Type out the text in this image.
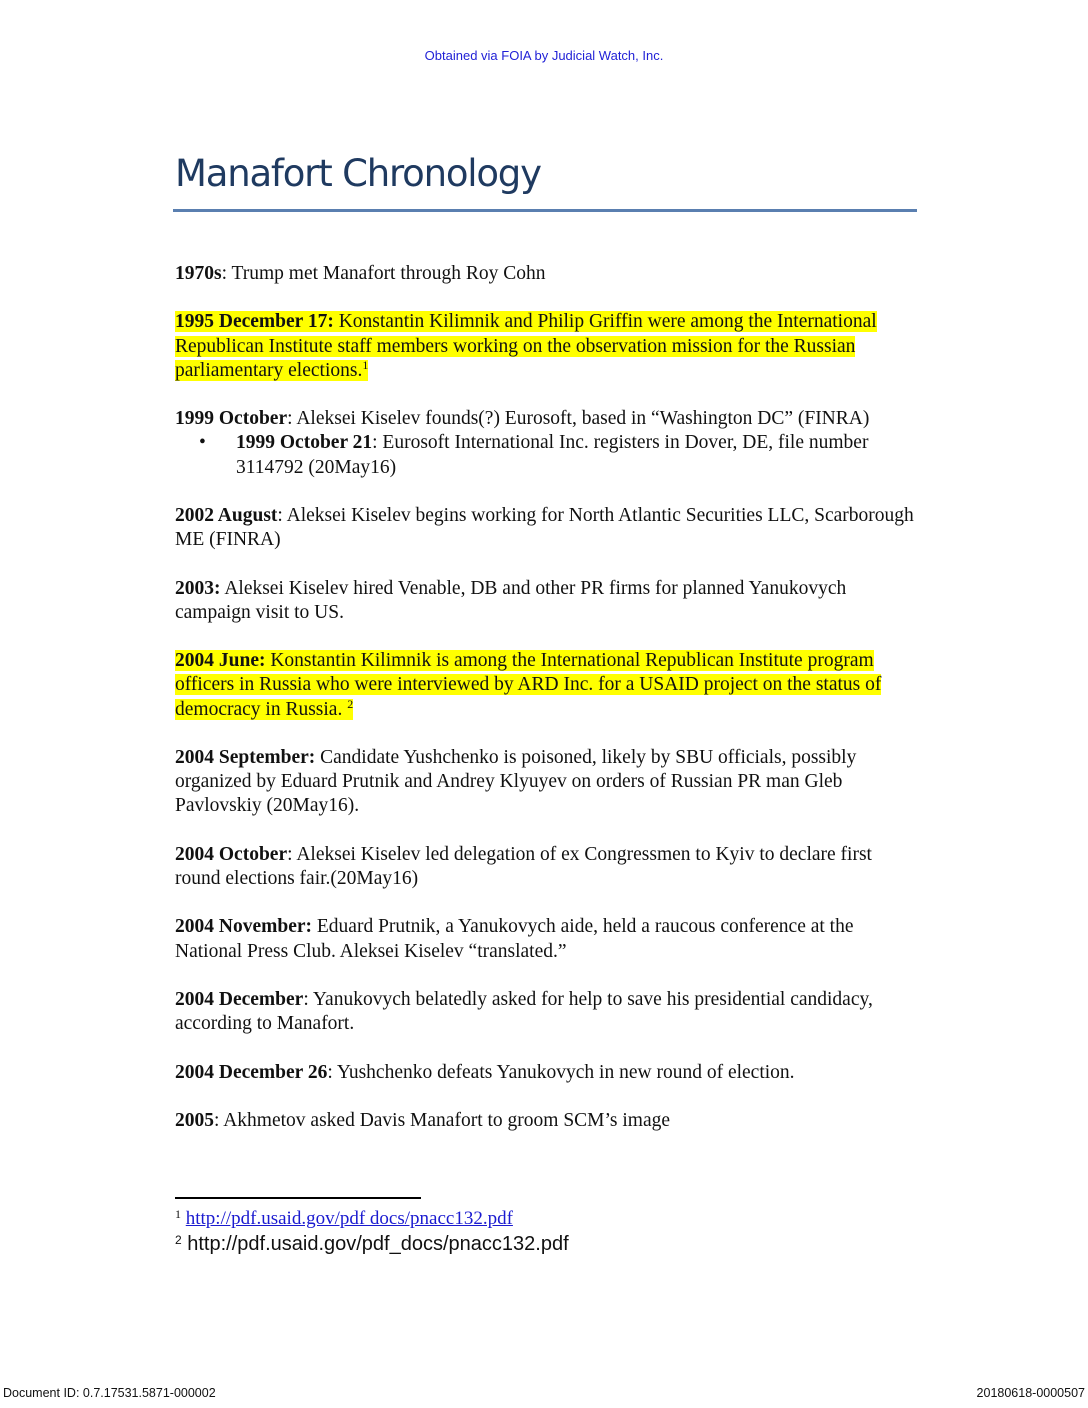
Obtained via FOIA by Judicial Watch, Inc.
Manafort Chronology

1970s: Trump met Manafort through Roy Cohn

1995 December 17: Konstantin Kilimnik and Philip Griffin were among the International Republican Institute staff members working on the observation mission for the Russian parliamentary elections.$^1$

1999 October: Aleksei Kiselev founds(?) Eurosoft, based in “Washington DC” (FINRA)
• 1999 October 21: Eurosoft International Inc. registers in Dover, DE, file number 3114792 (20May16)

2002 August: Aleksei Kiselev begins working for North Atlantic Securities LLC, Scarborough ME (FINRA)

2003: Aleksei Kiselev hired Venable, DB and other PR firms for planned Yanukovych campaign visit to US.

2004 June: Konstantin Kilimnik is among the International Republican Institute program officers in Russia who were interviewed by ARD Inc. for a USAID project on the status of democracy in Russia. $^2$

2004 September: Candidate Yushchenko is poisoned, likely by SBU officials, possibly organized by Eduard Prutnik and Andrey Klyuyev on orders of Russian PR man Gleb Pavlovskiy (20May16).

2004 October: Aleksei Kiselev led delegation of ex Congressmen to Kyiv to declare first round elections fair.(20May16)

2004 November: Eduard Prutnik, a Yanukovych aide, held a raucous conference at the National Press Club. Aleksei Kiselev “translated.”

2004 December: Yanukovych belatedly asked for help to save his presidential candidacy, according to Manafort.

2004 December 26: Yushchenko defeats Yanukovych in new round of election.

2005: Akhmetov asked Davis Manafort to groom SCM’s image

$^1$ http://pdf.usaid.gov/pdf docs/pnacc132.pdf
$^2$ http://pdf.usaid.gov/pdf_docs/pnacc132.pdf
Document ID: 0.7.17531.5871-000002	20180618-0000507
